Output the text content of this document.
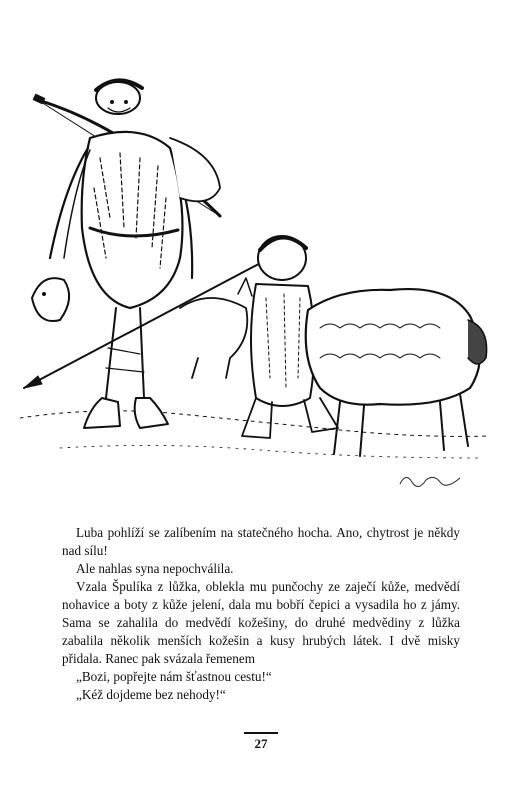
Luba pohlíží se zalíbením na statečného hocha. Ano, chytrost je někdy nad sílu!

Ale nahlas syna nepochválila.

Vzala Špulíka z lůžka, oblekla mu punčochy ze zaječí kůže, medvědí nohavice a boty z kůže jelení, dala mu bobří čepici a vysadila ho z jámy. Sama se zahalila do medvědí kožešiny, do druhé medvědiny z lůžka zabalila několik menších kožešin a kusy hrubých látek. I dvě misky přidala. Ranec pak svázala řemenem

„Bozi, popřejte nám šťastnou cestu!“

„Kéž dojdeme bez nehody!“

27
